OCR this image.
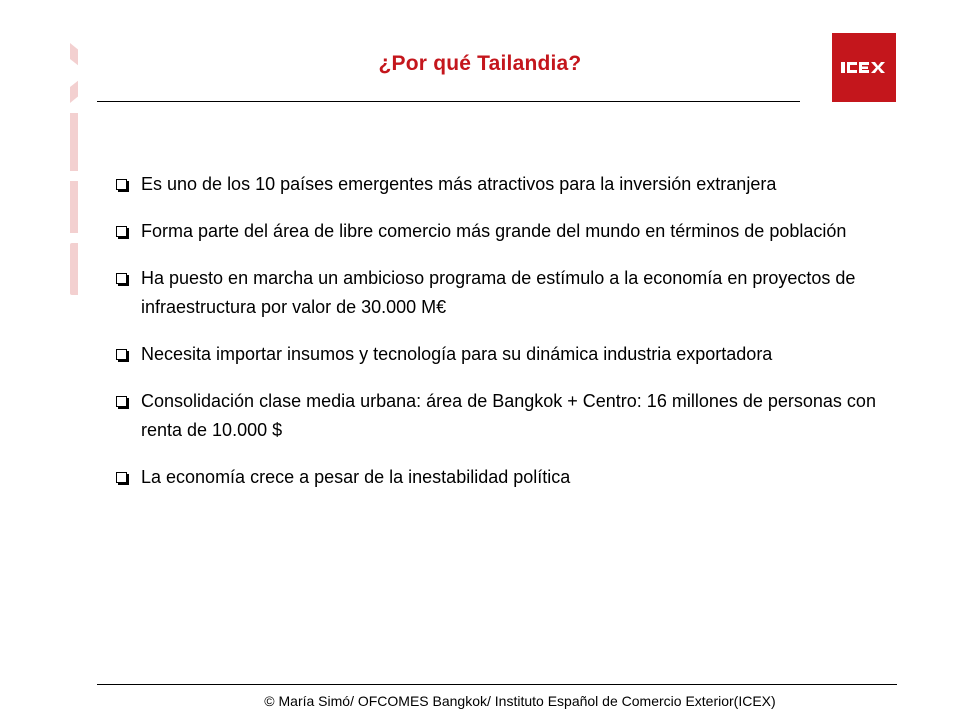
¿Por qué Tailandia?
Es uno de los 10 países emergentes más atractivos para la inversión extranjera
Forma parte del área de libre comercio más grande del mundo en términos de población
Ha puesto en marcha un ambicioso programa de estímulo a la economía en proyectos de infraestructura por valor de 30.000 M€
Necesita importar insumos y tecnología para su dinámica industria exportadora
Consolidación clase media urbana: área de Bangkok + Centro: 16 millones de personas con renta de 10.000 $
La economía crece a pesar de la inestabilidad política
© María Simó/ OFCOMES Bangkok/ Instituto Español de Comercio Exterior(ICEX)
